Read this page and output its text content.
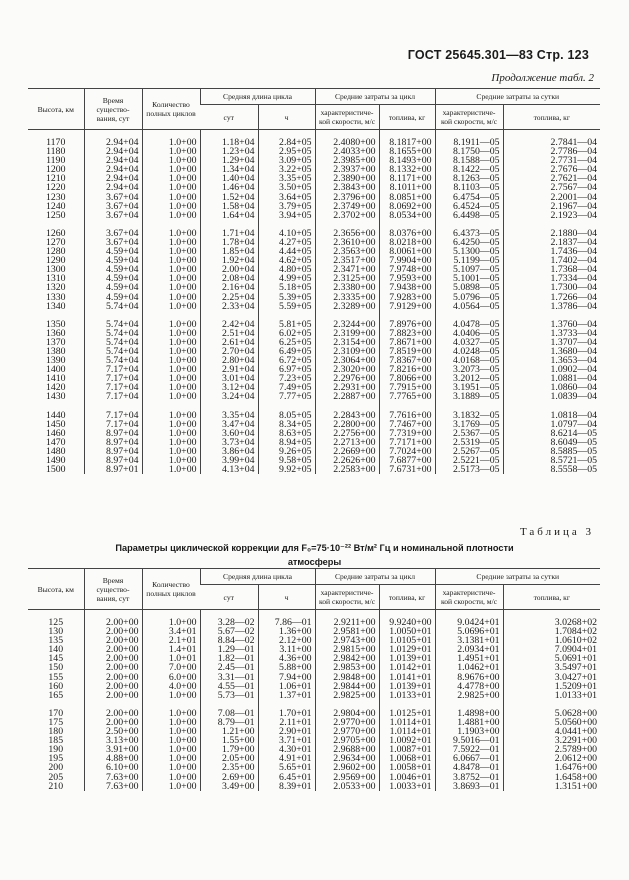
ГОСТ 25645.301—83 Стр. 123
Продолжение табл. 2
Высота, км	Время существо-вания, сут	Количество полных циклов	Средняя длина цикла		Средние затраты за цикл		Средние затраты за сутки	
			сут	ч	характеристиче-кой скорости, м/с	топлива, кг	характеристиче-кой скорости, м/с	топлива, кг
1170	2.94+04	1.0+00	1.18+04	2.84+05	2.4080+00	8.1817+00	8.1911—05	2.7841—04
1180	2.94+04	1.0+00	1.23+04	2.95+05	2.4033+00	8.1655+00	8.1750—05	2.7786—04
1190	2.94+04	1.0+00	1.29+04	3.09+05	2.3985+00	8.1493+00	8.1588—05	2.7731—04
1200	2.94+04	1.0+00	1.34+04	3.22+05	2.3937+00	8.1332+00	8.1422—05	2.7676—04
1210	2.94+04	1.0+00	1.40+04	3.35+05	2.3890+00	8.1171+00	8.1263—05	2.7621—04
1220	2.94+04	1.0+00	1.46+04	3.50+05	2.3843+00	8.1011+00	8.1103—05	2.7567—04
1230	3.67+04	1.0+00	1.52+04	3.64+05	2.3796+00	8.0851+00	6.4754—05	2.2001—04
1240	3.67+04	1.0+00	1.58+04	3.79+05	2.3749+00	8.0692+00	6.4524—05	2.1967—04
1250	3.67+04	1.0+00	1.64+04	3.94+05	2.3702+00	8.0534+00	6.4498—05	2.1923—04

1260	3.67+04	1.0+00	1.71+04	4.10+05	2.3656+00	8.0376+00	6.4373—05	2.1880—04
1270	3.67+04	1.0+00	1.78+04	4.27+05	2.3610+00	8.0218+00	6.4250—05	2.1837—04
1280	4.59+04	1.0+00	1.85+04	4.44+05	2.3563+00	8.0061+00	5.1300—05	1.7436—04
1290	4.59+04	1.0+00	1.92+04	4.62+05	2.3517+00	7.9904+00	5.1199—05	1.7402—04
1300	4.59+04	1.0+00	2.00+04	4.80+05	2.3471+00	7.9748+00	5.1097—05	1.7368—04
1310	4.59+04	1.0+00	2.08+04	4.99+05	2.3125+00	7.9593+00	5.1001—05	1.7334—04
1320	4.59+04	1.0+00	2.16+04	5.18+05	2.3380+00	7.9438+00	5.0898—05	1.7300—04
1330	4.59+04	1.0+00	2.25+04	5.39+05	2.3335+00	7.9283+00	5.0796—05	1.7266—04
1340	5.74+04	1.0+00	2.33+04	5.59+05	2.3289+00	7.9129+00	4.0564—05	1.3786—04

1350	5.74+04	1.0+00	2.42+04	5.81+05	2.3244+00	7.8976+00	4.0478—05	1.3760—04
1360	5.74+04	1.0+00	2.51+04	6.02+05	2.3199+00	7.8823+00	4.0406—05	1.3733—04
1370	5.74+04	1.0+00	2.61+04	6.25+05	2.3154+00	7.8671+00	4.0327—05	1.3707—04
1380	5.74+04	1.0+00	2.70+04	6.49+05	2.3109+00	7.8519+00	4.0248—05	1.3680—04
1390	5.74+04	1.0+00	2.80+04	6.72+05	2.3064+00	7.8367+00	4.0168—05	1.3653—04
1400	7.17+04	1.0+00	2.91+04	6.97+05	2.3020+00	7.8216+00	3.2073—05	1.0902—04
1410	7.17+04	1.0+00	3.01+04	7.23+05	2.2976+00	7.8066+00	3.2012—05	1.0881—04
1420	7.17+04	1.0+00	3.12+04	7.49+05	2.2931+00	7.7915+00	3.1951—05	1.0860—04
1430	7.17+04	1.0+00	3.24+04	7.77+05	2.2887+00	7.7765+00	3.1889—05	1.0839—04

1440	7.17+04	1.0+00	3.35+04	8.05+05	2.2843+00	7.7616+00	3.1832—05	1.0818—04
1450	7.17+04	1.0+00	3.47+04	8.34+05	2.2800+00	7.7467+00	3.1769—05	1.0797—04
1460	8.97+04	1.0+00	3.60+04	8.63+05	2.2756+00	7.7319+00	2.5367—05	8.6214—05
1470	8.97+04	1.0+00	3.73+04	8.94+05	2.2713+00	7.7171+00	2.5319—05	8.6049—05
1480	8.97+04	1.0+00	3.86+04	9.26+05	2.2669+00	7.7024+00	2.5267—05	8.5885—05
1490	8.97+04	1.0+00	3.99+04	9.58+05	2.2626+00	7.6877+00	2.5221—05	8.5721—05
1500	8.97+01	1.0+00	4.13+04	9.92+05	2.2583+00	7.6731+00	2.5173—05	8.5558—05
Таблица 3
Параметры циклической коррекции для F₀=75·10⁻²² Вт/м² Гц и номинальной плотности
атмосферы
Высота, км	Время существо-вания, сут	Количество полных циклов	Средняя длина цикла		Средние затраты за цикл		Средние затраты за сутки	
			сут	ч	характеристиче-кой скорости, м/с	топлива, кг	характеристиче-кой скорости, м/с	топлива, кг
125	2.00+00	1.0+00	3.28—02	7.86—01	2.9211+00	9.9240+00	9.0424+01	3.0268+02
130	2.00+00	3.4+01	5.67—02	1.36+00	2.9581+00	1.0050+01	5.0696+01	1.7084+02
135	2.00+00	2.1+01	8.84—02	2.12+00	2.9743+00	1.0105+01	3.1381+01	1.0610+02
140	2.00+00	1.4+01	1.29—01	3.11+00	2.9815+00	1.0129+01	2.0934+01	7.0904+01
145	2.00+00	1.0+01	1.82—01	4.36+00	2.9842+00	1.0139+01	1.4951+01	5.0691+01
150	2.00+00	7.0+00	2.45—01	5.88+00	2.9853+00	1.0142+01	1.0462+01	3.5497+01
155	2.00+00	6.0+00	3.31—01	7.94+00	2.9848+00	1.0141+01	8.9676+00	3.0427+01
160	2.00+00	4.0+00	4.55—01	1.06+01	2.9844+00	1.0139+01	4.4778+00	1.5209+01
165	2.00+00	1.0+00	5.73—01	1.37+01	2.9825+00	1.0133+01	2.9825+00	1.0133+01

170	2.00+00	1.0+00	7.08—01	1.70+01	2.9804+00	1.0125+01	1.4898+00	5.0628+00
175	2.00+00	1.0+00	8.79—01	2.11+01	2.9770+00	1.0114+01	1.4881+00	5.0560+00
180	2.50+00	1.0+00	1.21+00	2.90+01	2.9770+00	1.0114+01	1.1903+00	4.0441+00
185	3.13+00	1.0+00	1.55+00	3.71+01	2.9705+00	1.0092+01	9.5016—01	3.2291+00
190	3.91+00	1.0+00	1.79+00	4.30+01	2.9688+00	1.0087+01	7.5922—01	2.5789+00
195	4.88+00	1.0+00	2.05+00	4.91+01	2.9634+00	1.0068+01	6.0667—01	2.0612+00
200	6.10+00	1.0+00	2.35+00	5.65+01	2.9602+00	1.0058+01	4.8478—01	1.6476+00
205	7.63+00	1.0+00	2.69+00	6.45+01	2.9569+00	1.0046+01	3.8752—01	1.6458+00
210	7.63+00	1.0+00	3.49+00	8.39+01	2.0533+00	1.0033+01	3.8693—01	1.3151+00
